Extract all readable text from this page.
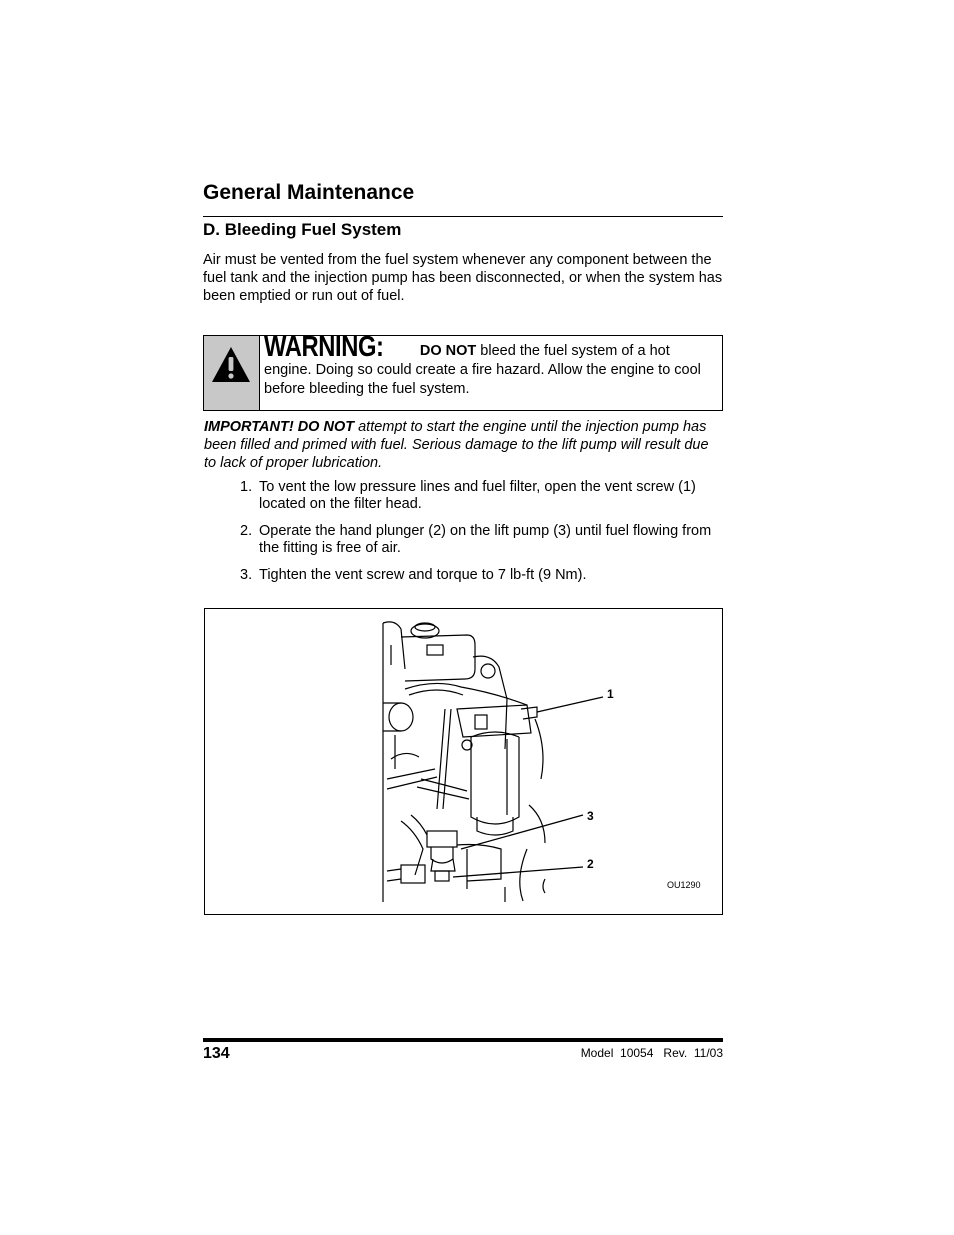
General Maintenance
D. Bleeding Fuel System
Air must be vented from the fuel system whenever any component between the fuel tank and the injection pump has been disconnected, or when the system has been emptied or run out of fuel.
WARNING:	DO NOT bleed the fuel system of a hot engine. Doing so could create a fire hazard. Allow the engine to cool before bleeding the fuel system.
IMPORTANT! DO NOT attempt to start the engine until the injection pump has been filled and primed with fuel. Serious damage to the lift pump will result due to lack of proper lubrication.
1. To vent the low pressure lines and fuel filter, open the vent screw (1) located on the filter head.
2. Operate the hand plunger (2) on the lift pump (3) until fuel flowing from the fitting is free of air.
3. Tighten the vent screw and torque to 7 lb-ft (9 Nm).
1
3
2
OU1290
134	Model  10054   Rev.  11/03
